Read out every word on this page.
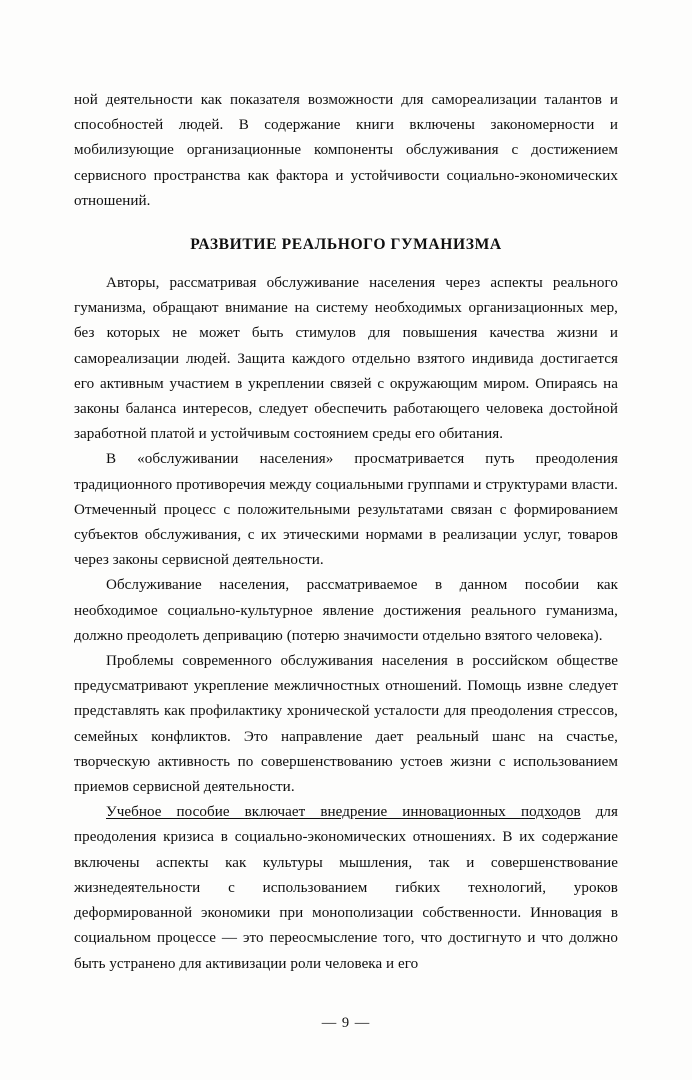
ной деятельности как показателя возможности для самореализации талантов и способностей людей. В содержание книги включены закономерности и мобилизующие организационные компоненты обслуживания с достижением сервисного пространства как фактора и устойчивости социально-экономических отношений.

РАЗВИТИЕ РЕАЛЬНОГО ГУМАНИЗМА

Авторы, рассматривая обслуживание населения через аспекты реального гуманизма, обращают внимание на систему необходимых организационных мер, без которых не может быть стимулов для повышения качества жизни и самореализации людей. Защита каждого отдельно взятого индивида достигается его активным участием в укреплении связей с окружающим миром. Опираясь на законы баланса интересов, следует обеспечить работающего человека достойной заработной платой и устойчивым состоянием среды его обитания.

В «обслуживании населения» просматривается путь преодоления традиционного противоречия между социальными группами и структурами власти. Отмеченный процесс с положительными результатами связан с формированием субъектов обслуживания, с их этическими нормами в реализации услуг, товаров через законы сервисной деятельности.

Обслуживание населения, рассматриваемое в данном пособии как необходимое социально-культурное явление достижения реального гуманизма, должно преодолеть депривацию (потерю значимости отдельно взятого человека).

Проблемы современного обслуживания населения в российском обществе предусматривают укрепление межличностных отношений. Помощь извне следует представлять как профилактику хронической усталости для преодоления стрессов, семейных конфликтов. Это направление дает реальный шанс на счастье, творческую активность по совершенствованию устоев жизни с использованием приемов сервисной деятельности.

Учебное пособие включает внедрение инновационных подходов для преодоления кризиса в социально-экономических отношениях. В их содержание включены аспекты как культуры мышления, так и совершенствование жизнедеятельности с использованием гибких технологий, уроков деформированной экономики при монополизации собственности. Инновация в социальном процессе — это переосмысление того, что достигнуто и что должно быть устранено для активизации роли человека и его

— 9 —
